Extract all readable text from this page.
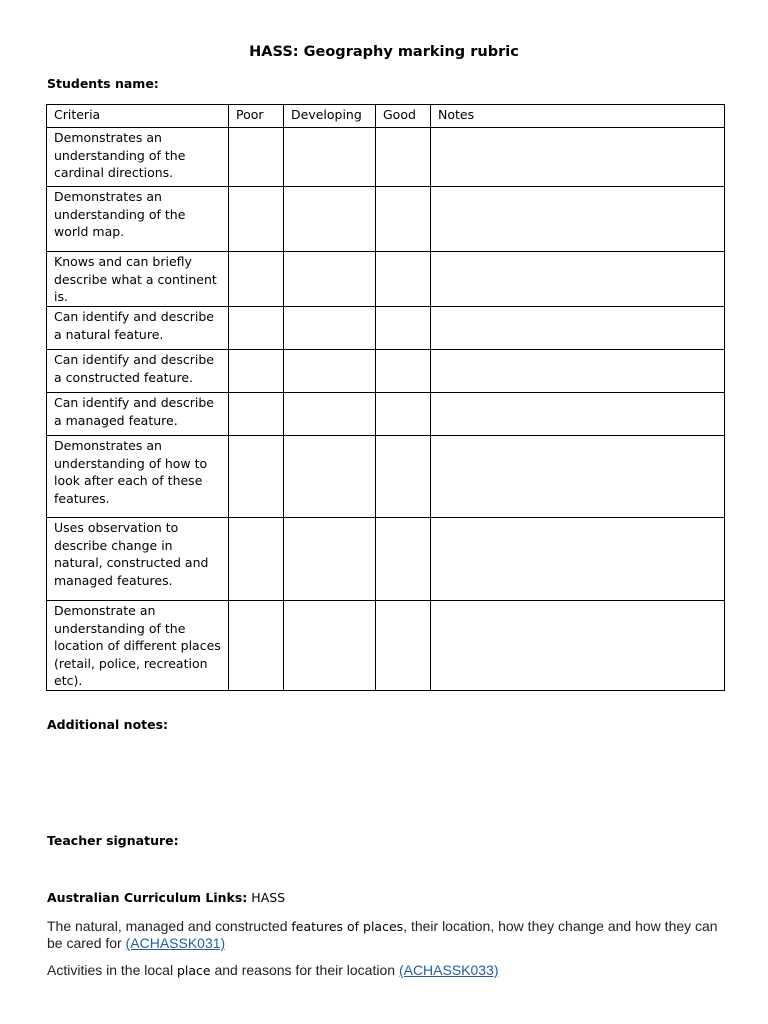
HASS: Geography marking rubric
Students name:
Criteria	Poor	Developing	Good	Notes
Demonstrates an understanding of the cardinal directions.				
Demonstrates an understanding of the world map.				
Knows and can briefly describe what a continent is.				
Can identify and describe a natural feature.				
Can identify and describe a constructed feature.				
Can identify and describe a managed feature.				
Demonstrates an understanding of how to look after each of these features.				
Uses observation to describe change in natural, constructed and managed features.				
Demonstrate an understanding of the location of different places (retail, police, recreation etc).				
Additional notes:
Teacher signature:
Australian Curriculum Links: HASS
The natural, managed and constructed features of places, their location, how they change and how they can be cared for (ACHASSK031)
Activities in the local place and reasons for their location (ACHASSK033)
